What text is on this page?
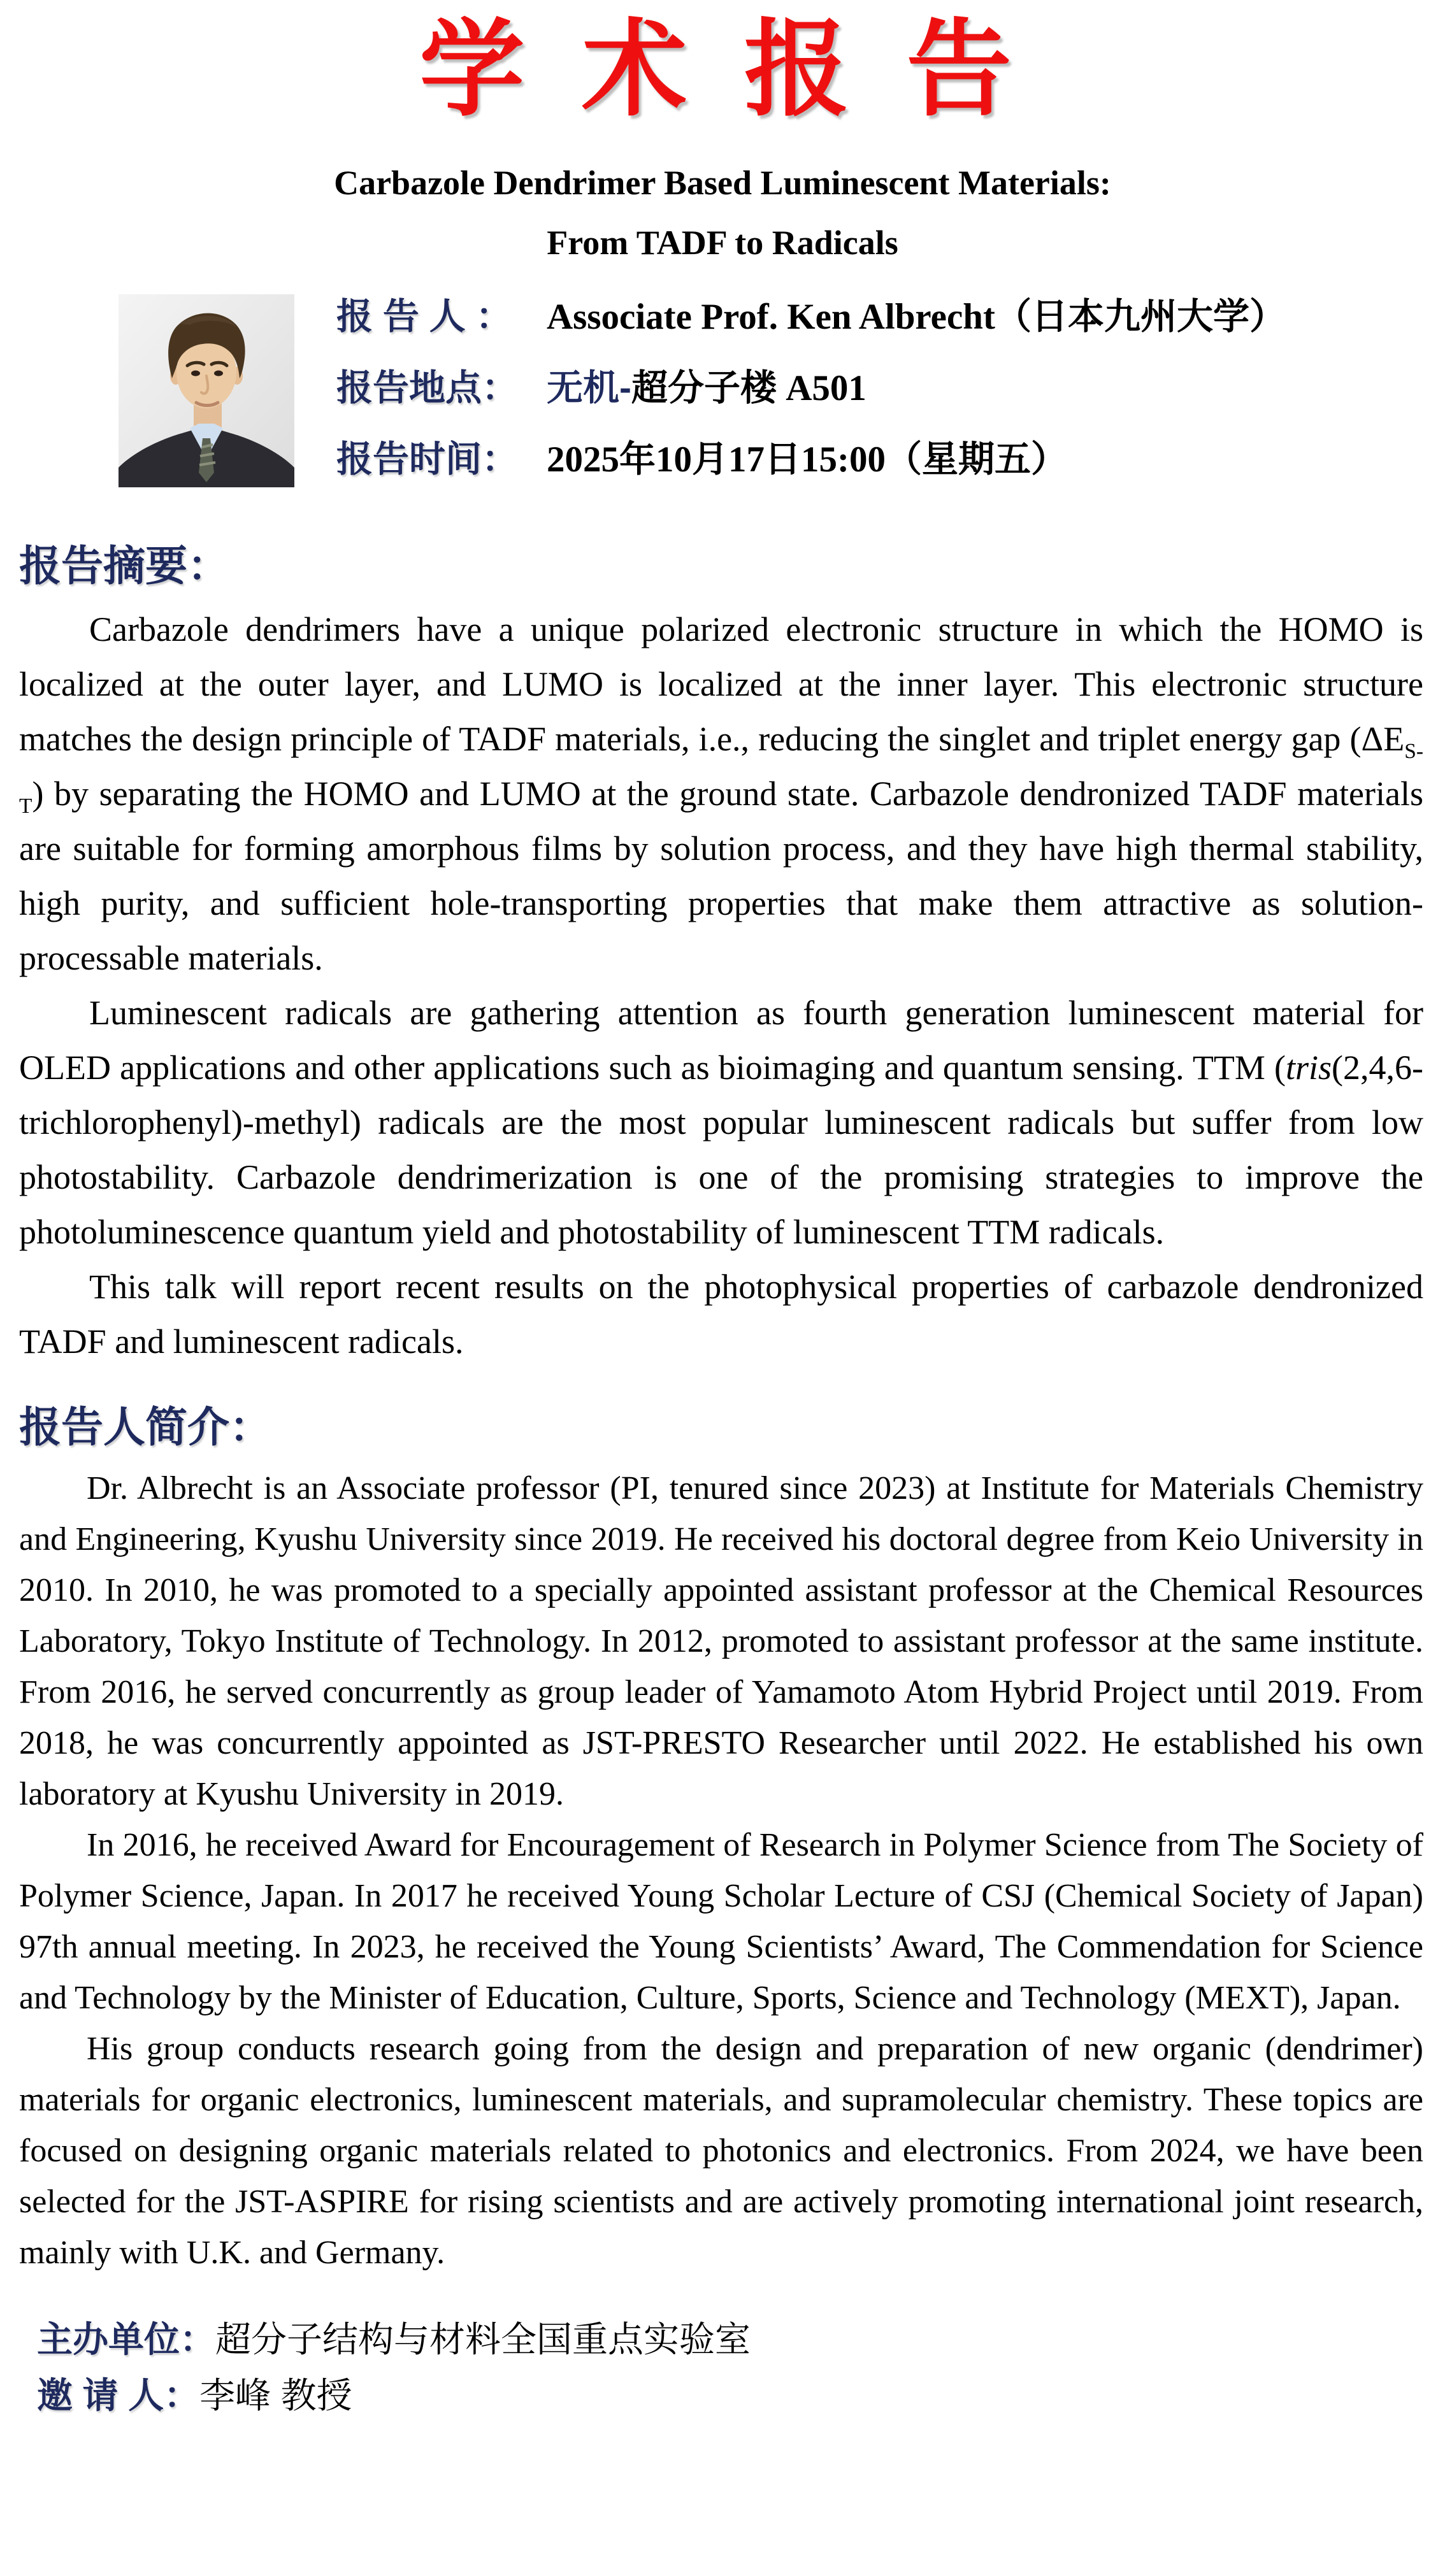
学 术 报 告
Carbazole Dendrimer Based Luminescent Materials:
From TADF to Radicals
报 告 人 ： Associate Prof. Ken Albrecht（日本九州大学）
报告地点： 无机-超分子楼 A501
报告时间： 2025年10月17日15:00（星期五）
报告摘要：

Carbazole dendrimers have a unique polarized electronic structure in which the HOMO is localized at the outer layer, and LUMO is localized at the inner layer. This electronic structure matches the design principle of TADF materials, i.e., reducing the singlet and triplet energy gap $(\Delta E_{S-T})$ by separating the HOMO and LUMO at the ground state. Carbazole dendronized TADF materials are suitable for forming amorphous films by solution process, and they have high thermal stability, high purity, and sufficient hole-transporting properties that make them attractive as solution-processable materials.

Luminescent radicals are gathering attention as fourth generation luminescent material for OLED applications and other applications such as bioimaging and quantum sensing. TTM (tris(2,4,6-trichlorophenyl)-methyl) radicals are the most popular luminescent radicals but suffer from low photostability. Carbazole dendrimerization is one of the promising strategies to improve the photoluminescence quantum yield and photostability of luminescent TTM radicals.

This talk will report recent results on the photophysical properties of carbazole dendronized TADF and luminescent radicals.

报告人简介：

Dr. Albrecht is an Associate professor (PI, tenured since 2023) at Institute for Materials Chemistry and Engineering, Kyushu University since 2019. He received his doctoral degree from Keio University in 2010. In 2010, he was promoted to a specially appointed assistant professor at the Chemical Resources Laboratory, Tokyo Institute of Technology. In 2012, promoted to assistant professor at the same institute. From 2016, he served concurrently as group leader of Yamamoto Atom Hybrid Project until 2019. From 2018, he was concurrently appointed as JST-PRESTO Researcher until 2022. He established his own laboratory at Kyushu University in 2019.

In 2016, he received Award for Encouragement of Research in Polymer Science from The Society of Polymer Science, Japan. In 2017 he received Young Scholar Lecture of CSJ (Chemical Society of Japan) 97th annual meeting. In 2023, he received the Young Scientists’ Award, The Commendation for Science and Technology by the Minister of Education, Culture, Sports, Science and Technology (MEXT), Japan.

His group conducts research going from the design and preparation of new organic (dendrimer) materials for organic electronics, luminescent materials, and supramolecular chemistry. These topics are focused on designing organic materials related to photonics and electronics. From 2024, we have been selected for the JST-ASPIRE for rising scientists and are actively promoting international joint research, mainly with U.K. and Germany.

主办单位：超分子结构与材料全国重点实验室
邀 请 人：李峰 教授
